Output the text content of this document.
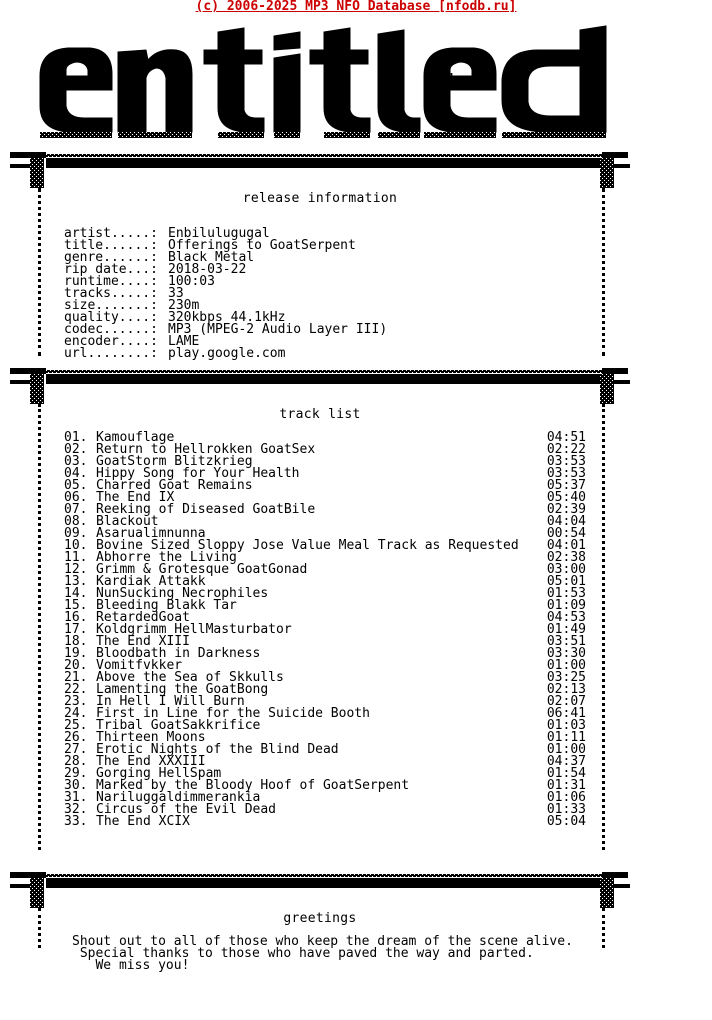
(c) 2006-2025 MP3 NFO Database [nfodb.ru]
hX!
release information
artist.....: Enbilulugugal
title......: Offerings to GoatSerpent
genre......: Black Metal
rip date...: 2018-03-22
runtime....: 100:03
tracks.....: 33
size.......: 230m
quality....: 320kbps 44.1kHz
codec......: MP3 (MPEG-2 Audio Layer III)
encoder....: LAME
url........: play.google.com
track list
01. Kamouflage	04:51
02. Return to Hellrokken GoatSex	02:22
03. GoatStorm Blitzkrieg	03:53
04. Hippy Song for Your Health	03:53
05. Charred Goat Remains	05:37
06. The End IX	05:40
07. Reeking of Diseased GoatBile	02:39
08. Blackout	04:04
09. Asarualimnunna	00:54
10. Bovine Sized Sloppy Jose Value Meal Track as Requested	04:01
11. Abhorre the Living	02:38
12. Grimm & Grotesque GoatGonad	03:00
13. Kardiak Attakk	05:01
14. NunSucking Necrophiles	01:53
15. Bleeding Blakk Tar	01:09
16. RetardedGoat	04:53
17. Koldgrimm HellMasturbator	01:49
18. The End XIII	03:51
19. Bloodbath in Darkness	03:30
20. Vomitfvkker	01:00
21. Above the Sea of Skkulls	03:25
22. Lamenting the GoatBong	02:13
23. In Hell I Will Burn	02:07
24. First in Line for the Suicide Booth	06:41
25. Tribal GoatSakkrifice	01:03
26. Thirteen Moons	01:11
27. Erotic Nights of the Blind Dead	01:00
28. The End XXXIII	04:37
29. Gorging HellSpam	01:54
30. Marked by the Bloody Hoof of GoatSerpent	01:31
31. Nariluggaldimmerankia	01:06
32. Circus of the Evil Dead	01:33
33. The End XCIX	05:04
greetings
Shout out to all of those who keep the dream of the scene alive.
Special thanks to those who have paved the way and parted.
We miss you!
